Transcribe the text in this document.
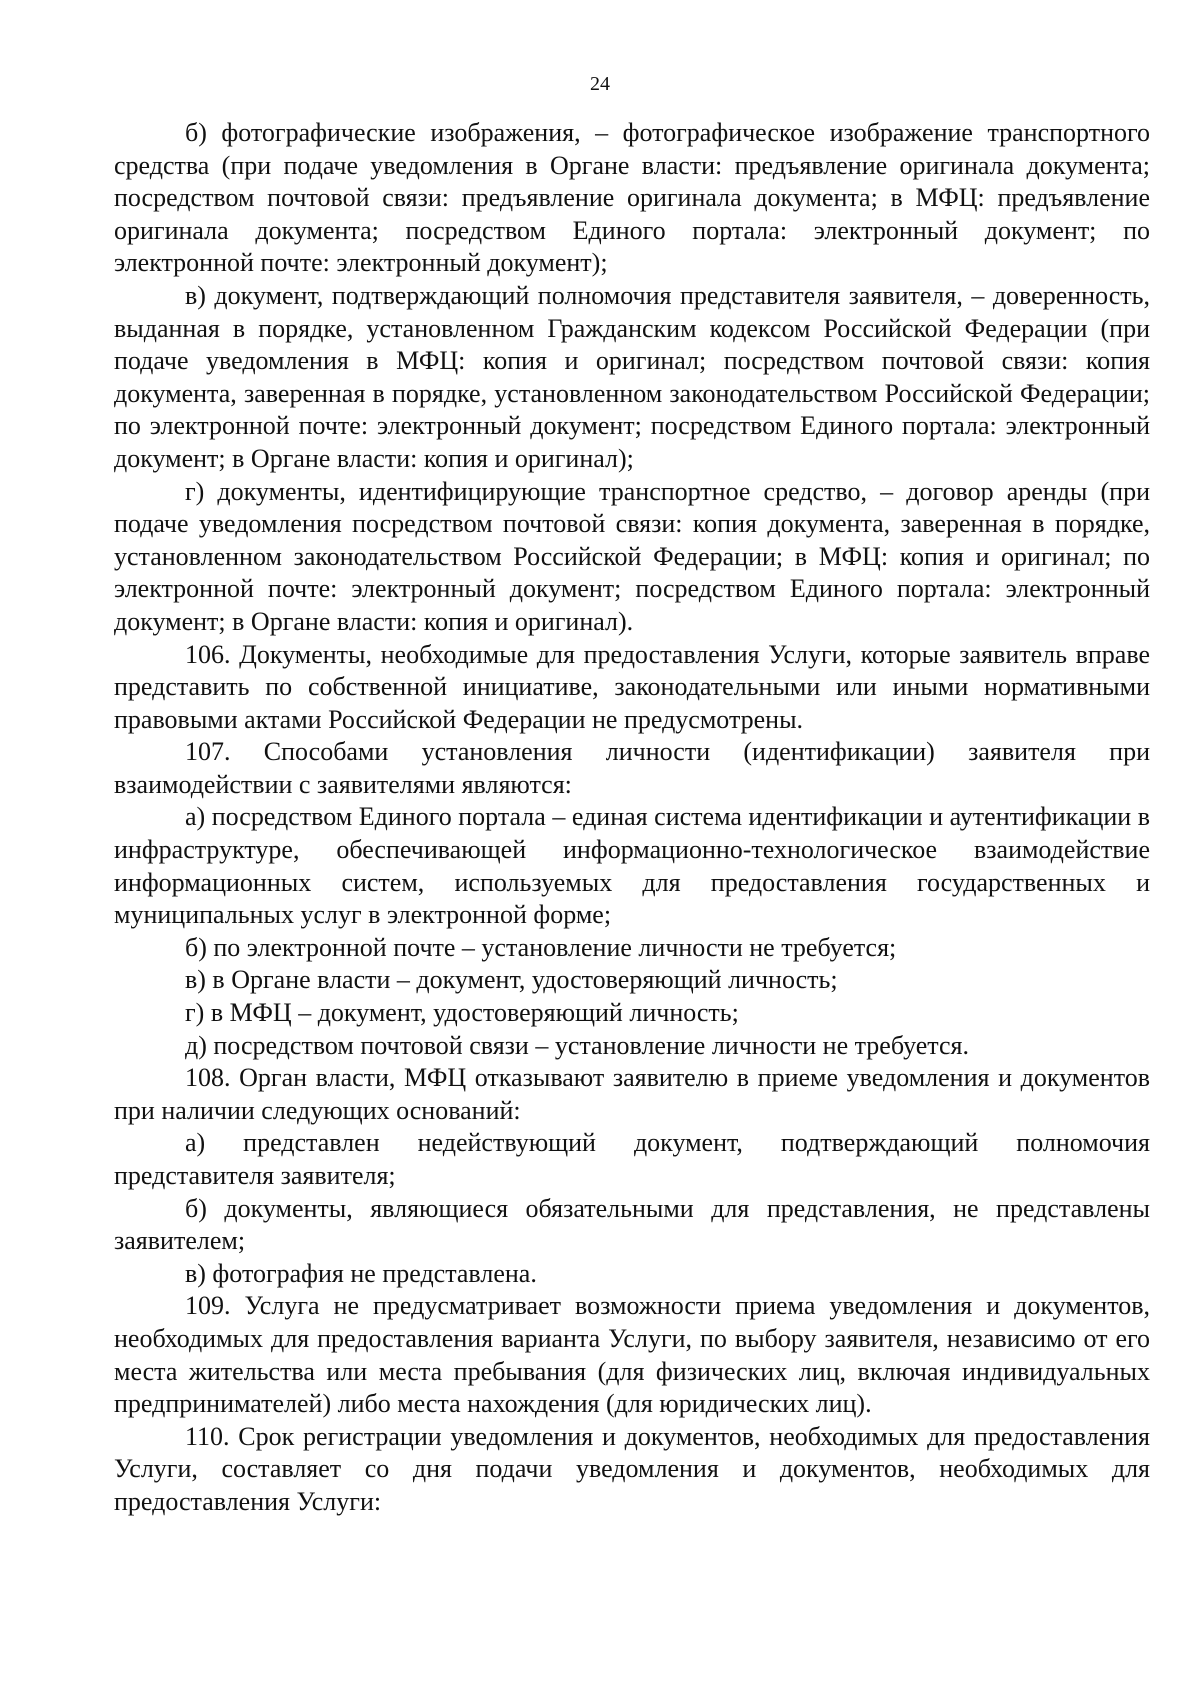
24

б) фотографические изображения, – фотографическое изображение транспортного средства (при подаче уведомления в Органе власти: предъявление оригинала документа; посредством почтовой связи: предъявление оригинала документа; в МФЦ: предъявление оригинала документа; посредством Единого портала: электронный документ; по электронной почте: электронный документ);

в) документ, подтверждающий полномочия представителя заявителя, – доверенность, выданная в порядке, установленном Гражданским кодексом Российской Федерации (при подаче уведомления в МФЦ: копия и оригинал; посредством почтовой связи: копия документа, заверенная в порядке, установленном законодательством Российской Федерации; по электронной почте: электронный документ; посредством Единого портала: электронный документ; в Органе власти: копия и оригинал);

г) документы, идентифицирующие транспортное средство, – договор аренды (при подаче уведомления посредством почтовой связи: копия документа, заверенная в порядке, установленном законодательством Российской Федерации; в МФЦ: копия и оригинал; по электронной почте: электронный документ; посредством Единого портала: электронный документ; в Органе власти: копия и оригинал).

106. Документы, необходимые для предоставления Услуги, которые заявитель вправе представить по собственной инициативе, законодательными или иными нормативными правовыми актами Российской Федерации не предусмотрены.

107. Способами установления личности (идентификации) заявителя при взаимодействии с заявителями являются:

а) посредством Единого портала – единая система идентификации и аутентификации в инфраструктуре, обеспечивающей информационно-технологическое взаимодействие информационных систем, используемых для предоставления государственных и муниципальных услуг в электронной форме;

б) по электронной почте – установление личности не требуется;

в) в Органе власти – документ, удостоверяющий личность;

г) в МФЦ – документ, удостоверяющий личность;

д) посредством почтовой связи – установление личности не требуется.

108. Орган власти, МФЦ отказывают заявителю в приеме уведомления и документов при наличии следующих оснований:

а) представлен недействующий документ, подтверждающий полномочия представителя заявителя;

б) документы, являющиеся обязательными для представления, не представлены заявителем;

в) фотография не представлена.

109. Услуга не предусматривает возможности приема уведомления и документов, необходимых для предоставления варианта Услуги, по выбору заявителя, независимо от его места жительства или места пребывания (для физических лиц, включая индивидуальных предпринимателей) либо места нахождения (для юридических лиц).

110. Срок регистрации уведомления и документов, необходимых для предоставления Услуги, составляет со дня подачи уведомления и документов, необходимых для предоставления Услуги:
